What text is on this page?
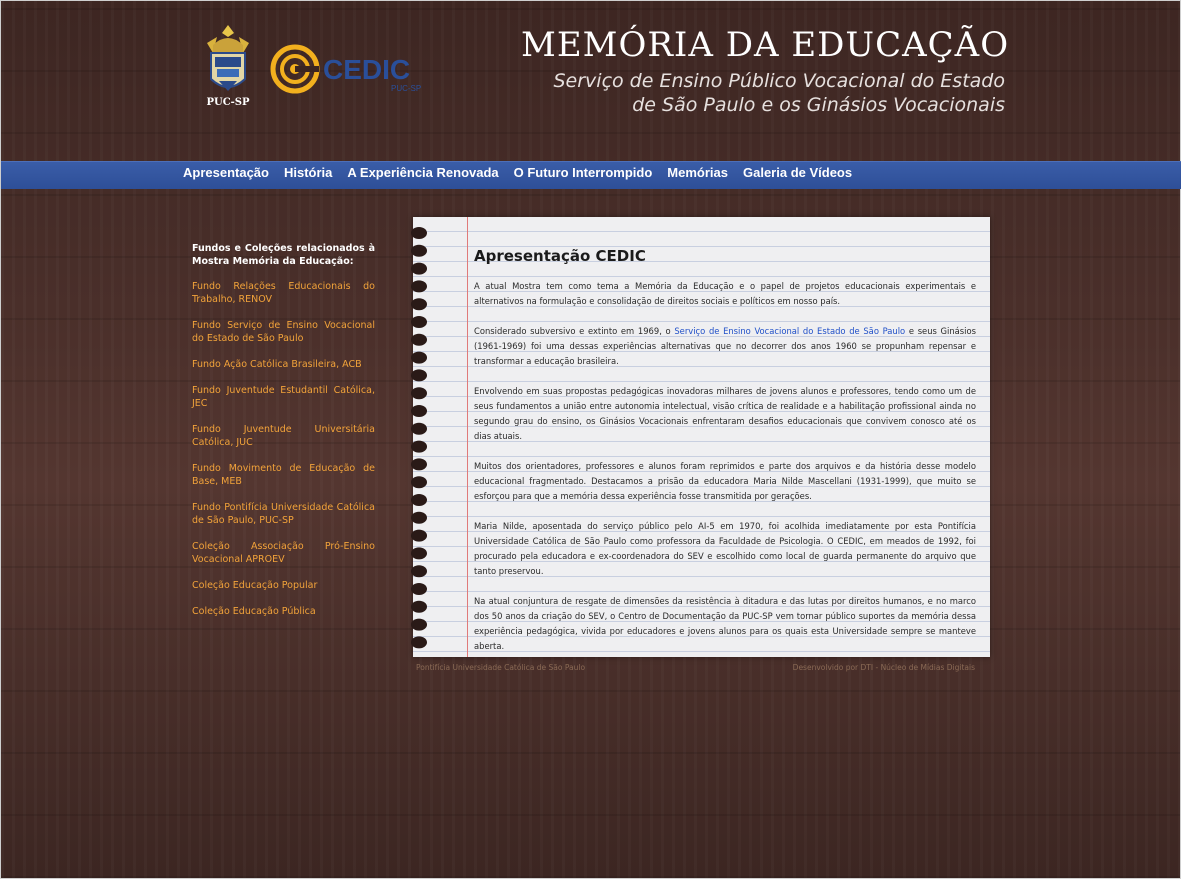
PUC-SP
CEDIC
PUC-SP
MEMÓRIA DA EDUCAÇÃO
Serviço de Ensino Público Vocacional do Estado
de São Paulo e os Ginásios Vocacionais
Apresentação História A Experiência Renovada O Futuro Interrompido Memórias Galeria de Vídeos
Fundos e Coleções relacionados à Mostra Memória da Educação:
Fundo Relações Educacionais do Trabalho, RENOV
Fundo Serviço de Ensino Vocacional do Estado de São Paulo
Fundo Ação Católica Brasileira, ACB
Fundo Juventude Estudantil Católica, JEC
Fundo Juventude Universitária Católica, JUC
Fundo Movimento de Educação de Base, MEB
Fundo Pontifícia Universidade Católica de São Paulo, PUC-SP
Coleção Associação Pró-Ensino Vocacional APROEV
Coleção Educação Popular
Coleção Educação Pública
Apresentação CEDIC

A atual Mostra tem como tema a Memória da Educação e o papel de projetos educacionais experimentais e alternativos na formulação e consolidação de direitos sociais e políticos em nosso país.

Considerado subversivo e extinto em 1969, o Serviço de Ensino Vocacional do Estado de São Paulo e seus Ginásios (1961-1969) foi uma dessas experiências alternativas que no decorrer dos anos 1960 se propunham repensar e transformar a educação brasileira.

Envolvendo em suas propostas pedagógicas inovadoras milhares de jovens alunos e professores, tendo como um de seus fundamentos a união entre autonomia intelectual, visão crítica de realidade e a habilitação profissional ainda no segundo grau do ensino, os Ginásios Vocacionais enfrentaram desafios educacionais que convivem conosco até os dias atuais.

Muitos dos orientadores, professores e alunos foram reprimidos e parte dos arquivos e da história desse modelo educacional fragmentado. Destacamos a prisão da educadora Maria Nilde Mascellani (1931-1999), que muito se esforçou para que a memória dessa experiência fosse transmitida por gerações.

Maria Nilde, aposentada do serviço público pelo AI-5 em 1970, foi acolhida imediatamente por esta Pontifícia Universidade Católica de São Paulo como professora da Faculdade de Psicologia. O CEDIC, em meados de 1992, foi procurado pela educadora e ex-coordenadora do SEV e escolhido como local de guarda permanente do arquivo que tanto preservou.

Na atual conjuntura de resgate de dimensões da resistência à ditadura e das lutas por direitos humanos, e no marco dos 50 anos da criação do SEV, o Centro de Documentação da PUC-SP vem tornar público suportes da memória dessa experiência pedagógica, vivida por educadores e jovens alunos para os quais esta Universidade sempre se manteve aberta.

Pontifícia Universidade Católica de São Paulo	Desenvolvido por DTI - Núcleo de Mídias Digitais
